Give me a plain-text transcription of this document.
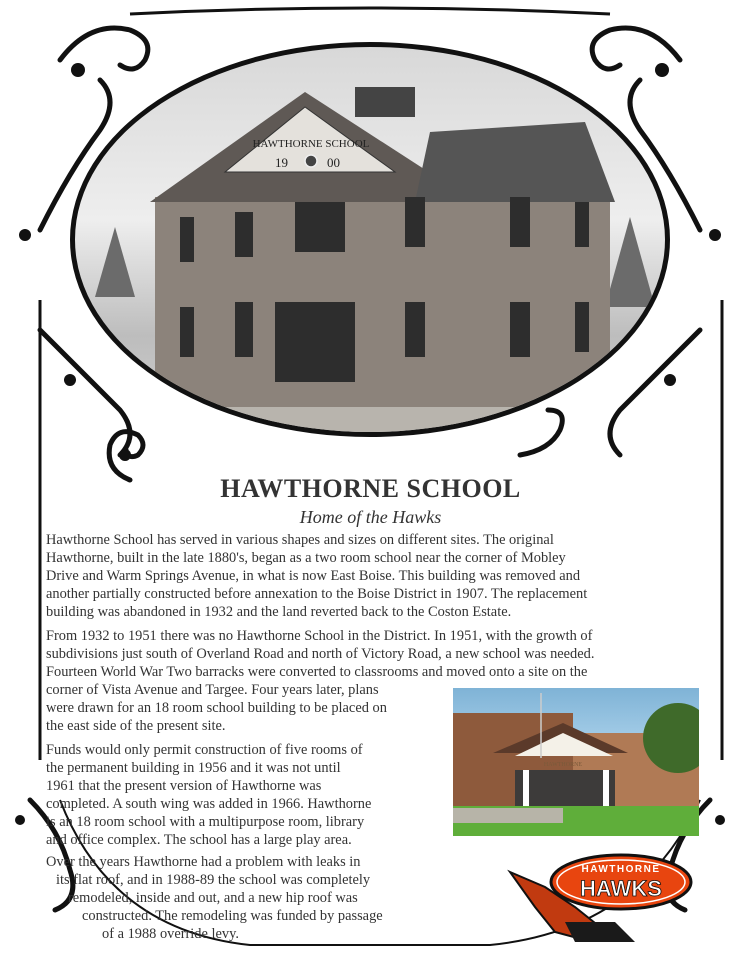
HAWTHORNE SCHOOL
19	00
HAWTHORNE SCHOOL
Home of the Hawks
Hawthorne School has served in various shapes and sizes on different sites. The original
Hawthorne, built in the late 1880's, began as a two room school near the corner of Mobley
Drive and Warm Springs Avenue, in what is now East Boise. This building was removed and
another partially constructed before annexation to the Boise District in 1907. The replacement
building was abandoned in 1932 and the land reverted back to the Coston Estate.
From 1932 to 1951 there was no Hawthorne School in the District. In 1951, with the growth of
subdivisions just south of Overland Road and north of Victory Road, a new school was needed.
Fourteen World War Two barracks were converted to classrooms and moved onto a site on the
corner of Vista Avenue and Targee. Four years later, plans
were drawn for an 18 room school building to be placed on
the east side of the present site.
Funds would only permit construction of five rooms of
the permanent building in 1956 and it was not until
1961 that the present version of Hawthorne was
completed. A south wing was added in 1966. Hawthorne
is an 18 room school with a multipurpose room, library
and office complex. The school has a large play area.
Over the years Hawthorne had a problem with leaks in
its flat roof, and in 1988-89 the school was completely
remodeled, inside and out, and a new hip roof was
constructed. The remodeling was funded by passage
of a 1988 override levy.
HAWTHORNE
HAWTHORNE
HAWKS
